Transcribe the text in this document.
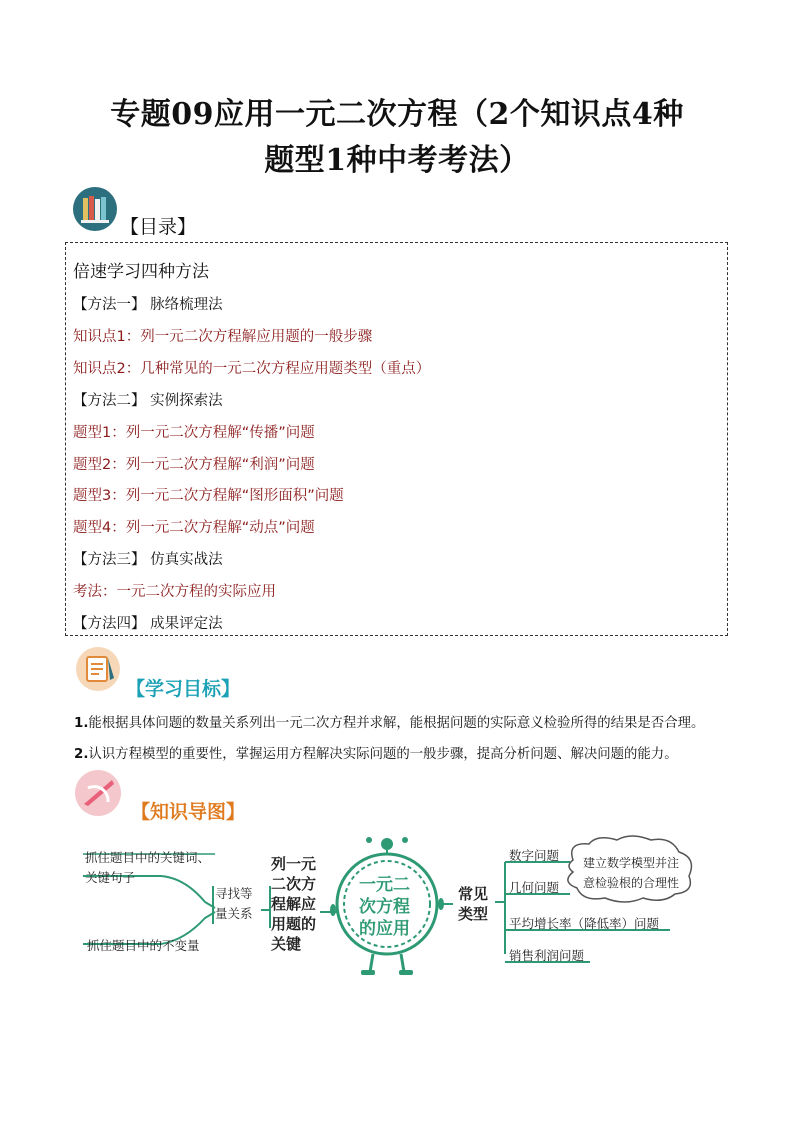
专题09应用一元二次方程（2个知识点4种
题型1种中考考法）
【目录】
倍速学习四种方法
【方法一】 脉络梳理法
知识点1：列一元二次方程解应用题的一般步骤
知识点2：几种常见的一元二次方程应用题类型（重点）
【方法二】 实例探索法
题型1：列一元二次方程解“传播”问题
题型2：列一元二次方程解“利润”问题
题型3：列一元二次方程解“图形面积”问题
题型4：列一元二次方程解“动点”问题
【方法三】 仿真实战法
考法：一元二次方程的实际应用
【方法四】 成果评定法
【学习目标】
1.能根据具体问题的数量关系列出一元二次方程并求解，能根据问题的实际意义检验所得的结果是否合理。
2.认识方程模型的重要性，掌握运用方程解决实际问题的一般步骤，提高分析问题、解决问题的能力。
【知识导图】
抓住题目中的关键词、
关键句子
抓住题目中的不变量
寻找等
量关系
列一元
二次方
程解应
用题的
关键
一元二
次方程
的应用
常见
类型
数字问题
几何问题
平均增长率（降低率）问题
销售利润问题
建立数学模型并注
意检验根的合理性
